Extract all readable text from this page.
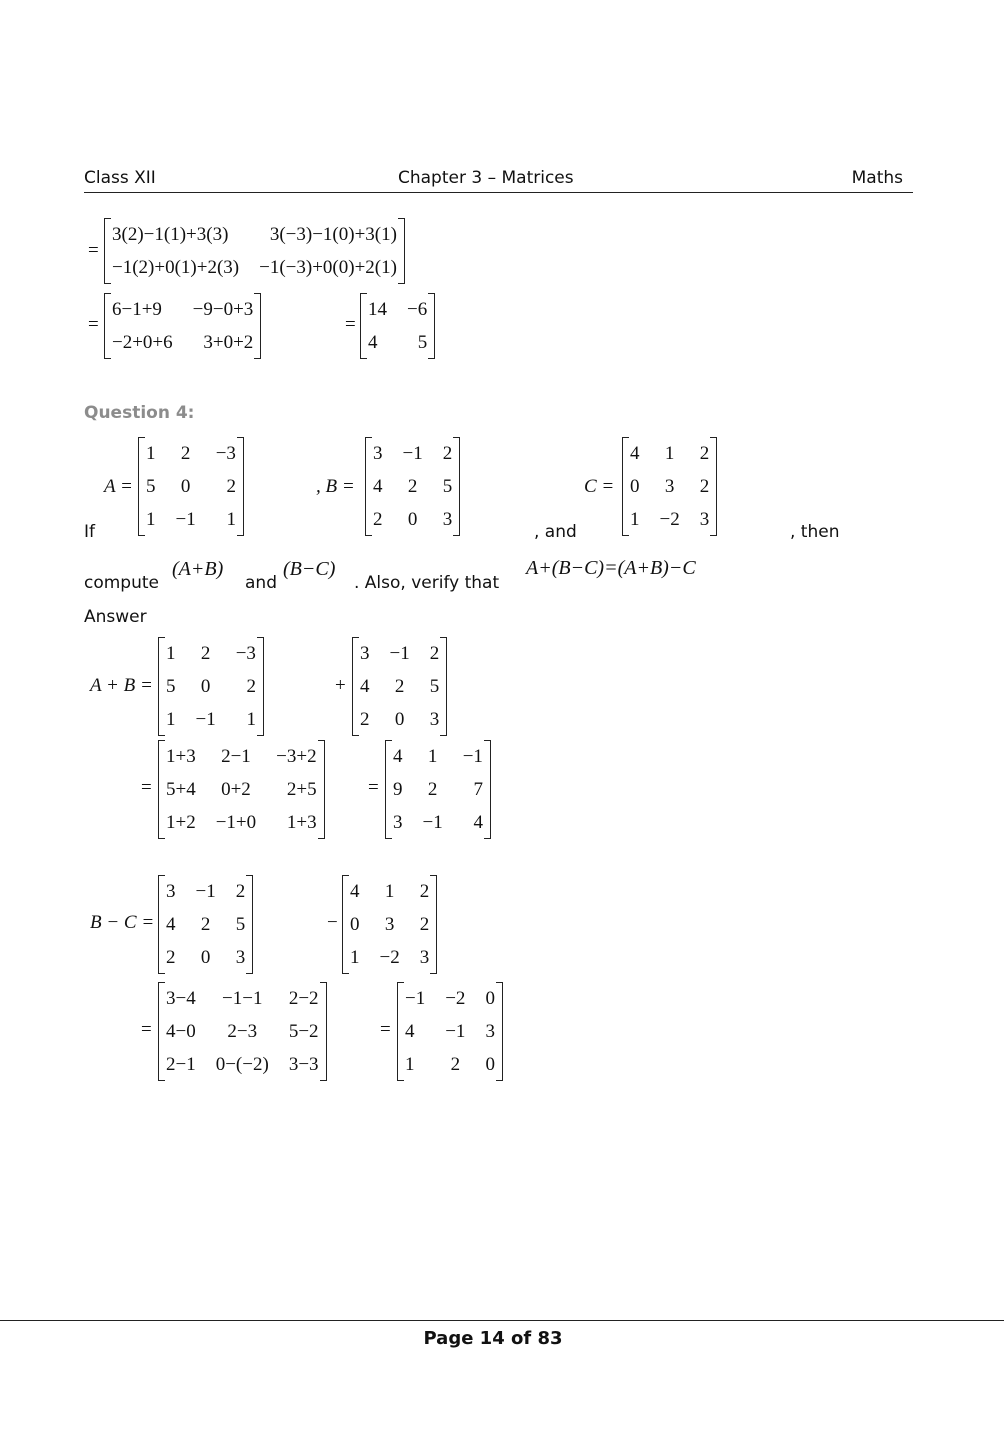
Class XII	Chapter 3 – Matrices	Maths
=
3(2)−1(1)+3(3)	3(−3)−1(0)+3(1)
−1(2)+0(1)+2(3)	−1(−3)+0(0)+2(1)
=
6−1+9	−9−0+3
−2+0+6	3+0+2
=
14	−6
4	5
Question 4:
A =
1	2	−3
5	0	2
1	−1	1
, B =
3	−1	2
4	2	5
2	0	3
, and
C =
4	1	2
0	3	2
1	−2	3
, then
If
compute
(A+B)
and
(B−C)
. Also, verify that
A+(B−C)=(A+B)−C
Answer
A + B =
1	2	−3
5	0	2
1	−1	1
+
3	−1	2
4	2	5
2	0	3
=
1+3	2−1	−3+2
5+4	0+2	2+5
1+2	−1+0	1+3
=
4	1	−1
9	2	7
3	−1	4
B − C =
3	−1	2
4	2	5
2	0	3
−
4	1	2
0	3	2
1	−2	3
=
3−4	−1−1	2−2
4−0	2−3	5−2
2−1	0−(−2)	3−3
=
−1	−2	0
4	−1	3
1	2	0
Page 14 of 83
